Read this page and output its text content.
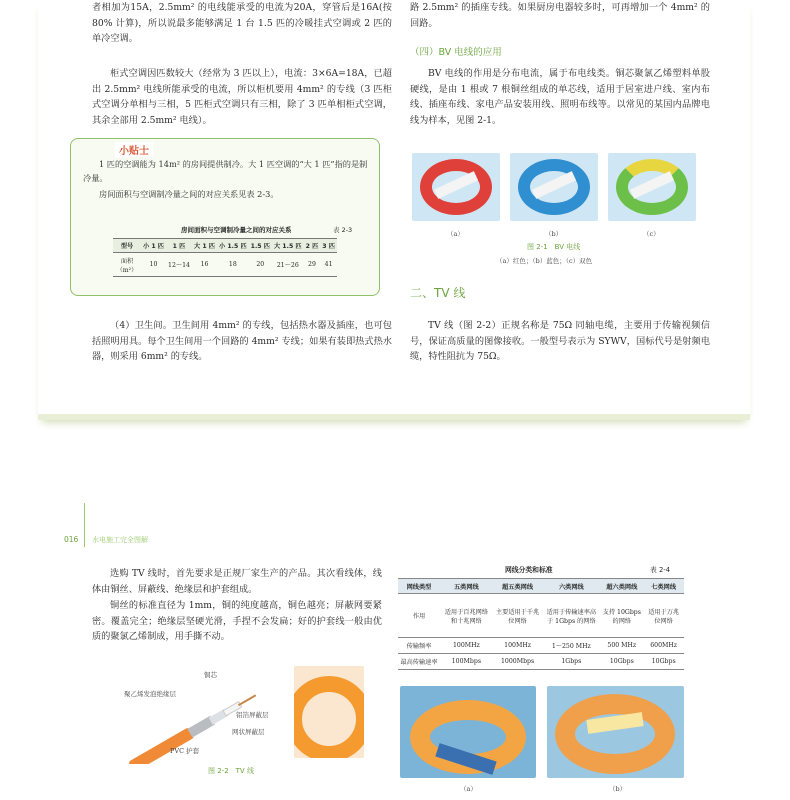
者相加为15A，2.5mm² 的电线能承受的电流为20A，穿管后是16A(按80% 计算)，所以说最多能够满足 1 台 1.5 匹的冷暖挂式空调或 2 匹的单冷空调。

柜式空调因匹数较大（经常为 3 匹以上），电流：3×6A=18A，已超出 2.5mm² 电线所能承受的电流，所以柜机要用 4mm² 的专线（3 匹柜式空调分单相与三相，5 匹柜式空调只有三相，除了 3 匹单相柜式空调，其余全部用 2.5mm² 电线）。

小贴士

1 匹的空调能为 14m² 的房间提供制冷。大 1 匹空调的“大 1 匹”指的是制冷量。

房间面积与空调制冷量之间的对应关系见表 2-3。

房间面积与空调制冷量之间的对应关系	表 2-3
型号	小 1 匹	1 匹	大 1 匹	小 1.5 匹	1.5 匹	大 1.5 匹	2 匹	3 匹
面积（m²）	10	12～14	16	18	20	21～26	29	41

（4）卫生间。卫生间用 4mm² 的专线，包括热水器及插座，也可包括照明用具。每个卫生间用一个回路的 4mm² 专线；如果有装即热式热水器，则采用 6mm² 的专线。

路 2.5mm² 的插座专线。如果厨房电器较多时，可再增加一个 4mm² 的回路。

（四）BV 电线的应用

BV 电线的作用是分布电流，属于布电线类。铜芯聚氯乙烯塑料单股硬线，是由 1 根或 7 根铜丝组成的单芯线，适用于居室进户线、室内布线、插座布线、家电产品安装用线、照明布线等。以常见的某国内品牌电线为样本，见图 2-1。

（a）	（b）	（c）
图 2-1　BV 电线
（a）红色；（b）蓝色；（c）双色
二、TV 线

TV 线（图 2-2）正规名称是 75Ω 同轴电缆，主要用于传输视频信号，保证高质量的图像接收。一般型号表示为 SYWV，国标代号是射频电缆，特性阻抗为 75Ω。

016 水电施工完全图解

选购 TV 线时，首先要求是正规厂家生产的产品。其次看线体，线体由铜丝、屏蔽线、绝缘层和护套组成。

铜丝的标准直径为 1mm，铜的纯度越高，铜色越亮；屏蔽网要紧密。覆盖完全；绝缘层坚硬光滑，手捏不会发扁；好的护套线一般由优质的聚氯乙烯制成，用手撕不动。

铜芯
聚乙烯发泡绝缘层
铝箔屏蔽层
网状屏蔽层
PVC 护套
图 2-2　TV 线
网线分类和标准	表 2-4
网线类型	五类网线	超五类网线	六类网线	超六类网线	七类网线
作用	适用于百兆网络和十兆网络	主要适用于千兆位网络	适用于传输速率高于 1Gbps 的网络	支持 10Gbps 的网络	适用于万兆位网络
传输频率	100MHz	100MHz	1～250 MHz	500 MHz	600MHz
最高传输速率	100Mbps	1000Mbps	1Gbps	10Gbps	10Gbps
（a）	（b）
